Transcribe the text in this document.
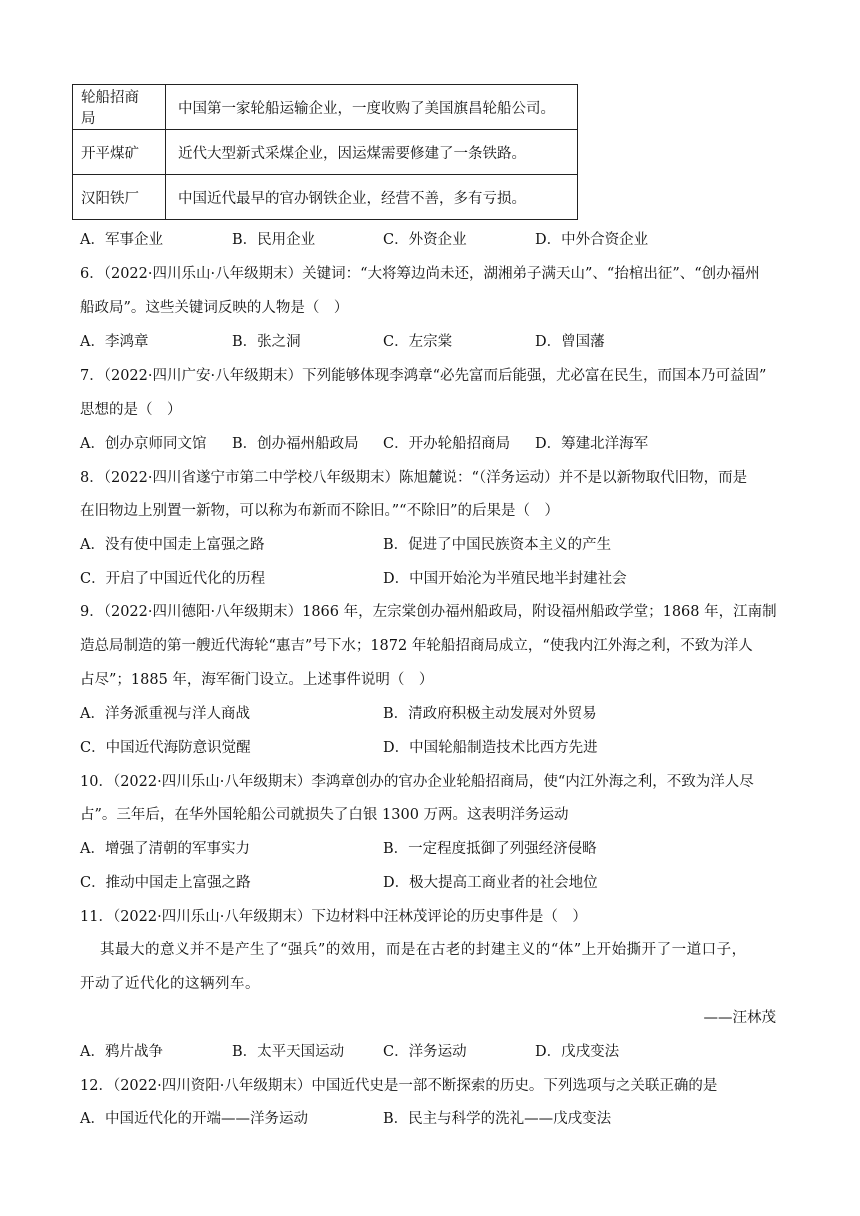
轮船招商局	中国第一家轮船运输企业，一度收购了美国旗昌轮船公司。
开平煤矿	近代大型新式采煤企业，因运煤需要修建了一条铁路。
汉阳铁厂	中国近代最早的官办钢铁企业，经营不善，多有亏损。
A．军事企业	B．民用企业	C．外资企业	D．中外合资企业
6．（2022·四川乐山·八年级期末）关键词：“大将筹边尚未还，湖湘弟子满天山”、“抬棺出征”、“创办福州
船政局”。这些关键词反映的人物是（　）
A．李鸿章	B．张之洞	C．左宗棠	D．曾国藩
7．（2022·四川广安·八年级期末）下列能够体现李鸿章“必先富而后能强，尤必富在民生，而国本乃可益固”
思想的是（　）
A．创办京师同文馆 B．创办福州船政局 C．开办轮船招商局 D．筹建北洋海军
8．（2022·四川省遂宁市第二中学校八年级期末）陈旭麓说：“（洋务运动）并不是以新物取代旧物，而是
在旧物边上别置一新物，可以称为布新而不除旧。”“不除旧”的后果是（　）
A．没有使中国走上富强之路	B．促进了中国民族资本主义的产生
C．开启了中国近代化的历程	D．中国开始沦为半殖民地半封建社会
9．（2022·四川德阳·八年级期末）1866 年，左宗棠创办福州船政局，附设福州船政学堂；1868 年，江南制
造总局制造的第一艘近代海轮“惠吉”号下水；1872 年轮船招商局成立，“使我内江外海之利，不致为洋人
占尽”；1885 年，海军衙门设立。上述事件说明（　）
A．洋务派重视与洋人商战	B．清政府积极主动发展对外贸易
C．中国近代海防意识觉醒	D．中国轮船制造技术比西方先进
10．（2022·四川乐山·八年级期末）李鸿章创办的官办企业轮船招商局，使“内江外海之利，不致为洋人尽
占”。三年后，在华外国轮船公司就损失了白银 1300 万两。这表明洋务运动
A．增强了清朝的军事实力	B．一定程度抵御了列强经济侵略
C．推动中国走上富强之路	D．极大提高工商业者的社会地位
11．（2022·四川乐山·八年级期末）下边材料中汪林茂评论的历史事件是（　）
其最大的意义并不是产生了“强兵”的效用，而是在古老的封建主义的“体”上开始撕开了一道口子，
开动了近代化的这辆列车。
——汪林茂
A．鸦片战争	B．太平天国运动	C．洋务运动	D．戊戌变法
12．（2022·四川资阳·八年级期末）中国近代史是一部不断探索的历史。下列选项与之关联正确的是
A．中国近代化的开端——洋务运动	B．民主与科学的洗礼——戊戌变法
